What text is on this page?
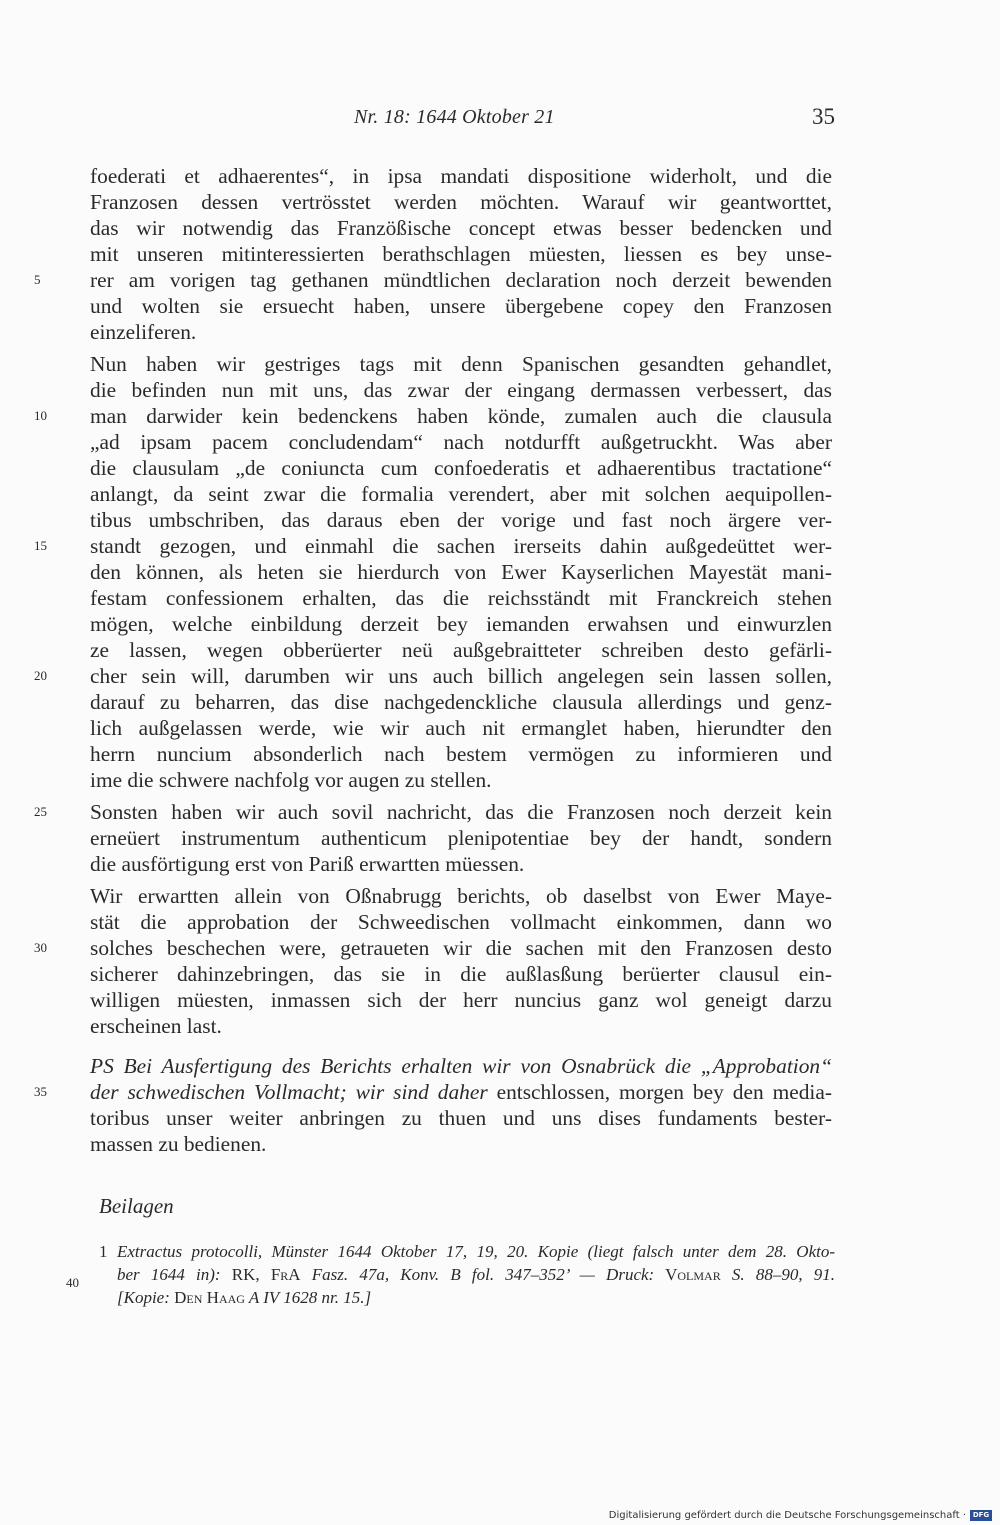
Nr. 18: 1644 Oktober 21	35
foederati et adhaerentes“, in ipsa mandati dispositione widerholt, und die
Franzosen dessen vertrösstet werden möchten. Warauf wir geantworttet,
das wir notwendig das Franzößische concept etwas besser bedencken und
mit unseren mitinteressierten berathschlagen müesten, liessen es bey unse-
rer am vorigen tag gethanen mündtlichen declaration noch derzeit bewenden
und wolten sie ersuecht haben, unsere übergebene copey den Franzosen
einzeliferen.
Nun haben wir gestriges tags mit denn Spanischen gesandten gehandlet,
die befinden nun mit uns, das zwar der eingang dermassen verbessert, das
man darwider kein bedenckens haben könde, zumalen auch die clausula
„ad ipsam pacem concludendam“ nach notdurfft außgetruckht. Was aber
die clausulam „de coniuncta cum confoederatis et adhaerentibus tractatione“
anlangt, da seint zwar die formalia verendert, aber mit solchen aequipollen-
tibus umbschriben, das daraus eben der vorige und fast noch ärgere ver-
standt gezogen, und einmahl die sachen irerseits dahin außgedeüttet wer-
den können, als heten sie hierdurch von Ewer Kayserlichen Mayestät mani-
festam confessionem erhalten, das die reichsständt mit Franckreich stehen
mögen, welche einbildung derzeit bey iemanden erwahsen und einwurzlen
ze lassen, wegen obberüerter neü außgebraitteter schreiben desto gefärli-
cher sein will, darumben wir uns auch billich angelegen sein lassen sollen,
darauf zu beharren, das dise nachgedenckliche clausula allerdings und genz-
lich außgelassen werde, wie wir auch nit ermanglet haben, hierundter den
herrn nuncium absonderlich nach bestem vermögen zu informieren und
ime die schwere nachfolg vor augen zu stellen.
Sonsten haben wir auch sovil nachricht, das die Franzosen noch derzeit kein
erneüert instrumentum authenticum plenipotentiae bey der handt, sondern
die ausförtigung erst von Pariß erwartten müessen.
Wir erwartten allein von Oßnabrugg berichts, ob daselbst von Ewer Maye-
stät die approbation der Schweedischen vollmacht einkommen, dann wo
solches beschechen were, getraueten wir die sachen mit den Franzosen desto
sicherer dahinzebringen, das sie in die außlasßung berüerter clausul ein-
willigen müesten, inmassen sich der herr nuncius ganz wol geneigt darzu
erscheinen last.
PS Bei Ausfertigung des Berichts erhalten wir von Osnabrück die „Approbation“
der schwedischen Vollmacht; wir sind daher entschlossen, morgen bey den media-
toribus unser weiter anbringen zu thuen und uns dises fundaments bester-
massen zu bedienen.
5
10
15
20
25
30
35
Beilagen
1 Extractus protocolli, Münster 1644 Oktober 17, 19, 20. Kopie (liegt falsch unter dem 28. Okto-
ber 1644 in): RK, FrA Fasz. 47a, Konv. B fol. 347–352’ — Druck: Volmar S. 88–90, 91.
[Kopie: Den Haag A IV 1628 nr. 15.]
40
Digitalisierung gefördert durch die Deutsche Forschungsgemeinschaft · DFG
